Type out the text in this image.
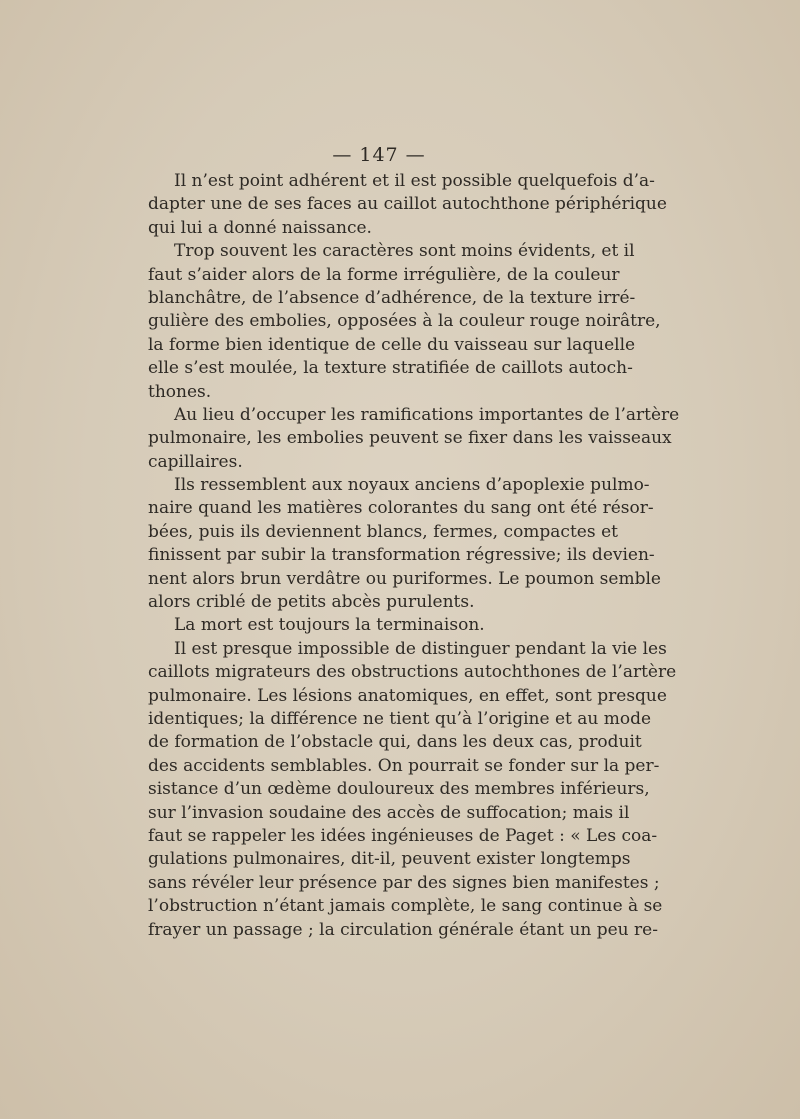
— 147 —
Il n’est point adhérent et il est possible quelquefois d’a-
dapter une de ses faces au caillot autochthone périphérique
qui lui a donné naissance.
Trop souvent les caractères sont moins évidents, et il
faut s’aider alors de la forme irrégulière, de la couleur
blanchâtre, de l’absence d’adhérence, de la texture irré-
gulière des embolies, opposées à la couleur rouge noirâtre,
la forme bien identique de celle du vaisseau sur laquelle
elle s’est moulée, la texture stratifiée de caillots autoch-
thones.
Au lieu d’occuper les ramifications importantes de l’artère
pulmonaire, les embolies peuvent se fixer dans les vaisseaux
capillaires.
Ils ressemblent aux noyaux anciens d’apoplexie pulmo-
naire quand les matières colorantes du sang ont été résor-
bées, puis ils deviennent blancs, fermes, compactes et
finissent par subir la transformation régressive; ils devien-
nent alors brun verdâtre ou puriformes. Le poumon semble
alors criblé de petits abcès purulents.
La mort est toujours la terminaison.
Il est presque impossible de distinguer pendant la vie les
caillots migrateurs des obstructions autochthones de l’artère
pulmonaire. Les lésions anatomiques, en effet, sont presque
identiques; la différence ne tient qu’à l’origine et au mode
de formation de l’obstacle qui, dans les deux cas, produit
des accidents semblables. On pourrait se fonder sur la per-
sistance d’un œdème douloureux des membres inférieurs,
sur l’invasion soudaine des accès de suffocation; mais il
faut se rappeler les idées ingénieuses de Paget : « Les coa-
gulations pulmonaires, dit-il, peuvent exister longtemps
sans révéler leur présence par des signes bien manifestes ;
l’obstruction n’étant jamais complète, le sang continue à se
frayer un passage ; la circulation générale étant un peu re-
